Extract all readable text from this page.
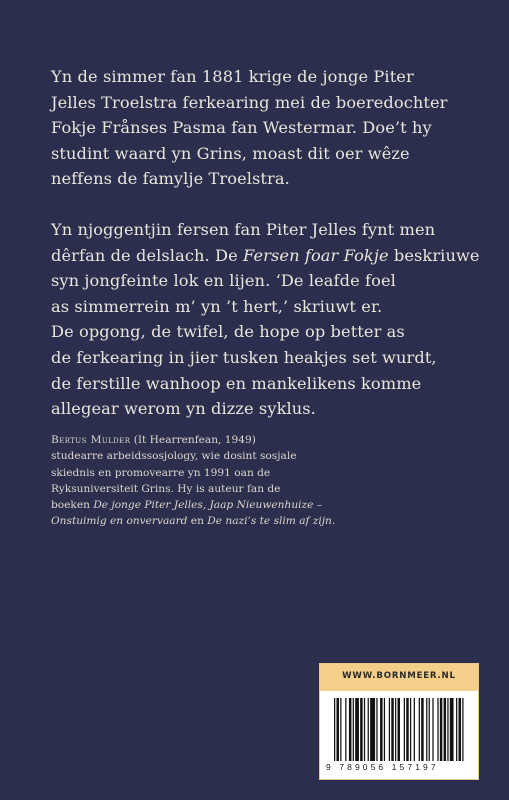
Yn de simmer fan 1881 krige de jonge Piter
Jelles Troelstra ferkearing mei de boeredochter
Fokje Frånses Pasma fan Westermar. Doe’t hy
studint waard yn Grins, moast dit oer wêze
neffens de famylje Troelstra.

Yn njoggentjin fersen fan Piter Jelles fynt men
dêrfan de delslach. De Fersen foar Fokje beskriuwe
syn jongfeinte lok en lijen. ‘De leafde foel
as simmerrein m’ yn ’t hert,’ skriuwt er.
De opgong, de twifel, de hope op better as
de ferkearing in jier tusken heakjes set wurdt,
de ferstille wanhoop en mankelikens komme
allegear werom yn dizze syklus.

Bertus Mulder (It Hearrenfean, 1949)
studearre arbeidssosjology, wie dosint sosjale
skiednis en promovearre yn 1991 oan de
Ryksuniversiteit Grins. Hy is auteur fan de
boeken De jonge Piter Jelles, Jaap Nieuwenhuize –
Onstuimig en onvervaard en De nazi’s te slim af zijn.
WWW.BORNMEER.NL
9 789056 157197
